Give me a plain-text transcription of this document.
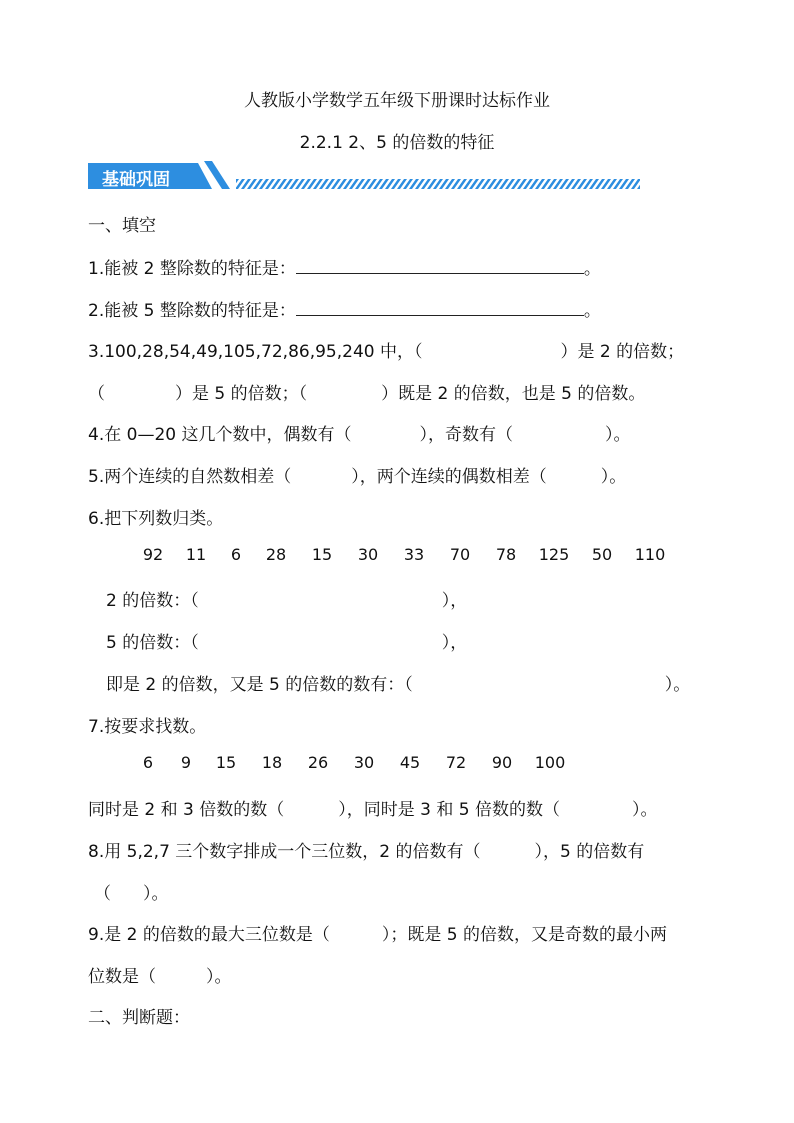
人教版小学数学五年级下册课时达标作业
2.2.1 2、5 的倍数的特征
基础巩固
一、填空
1.能被 2 整除数的特征是：	。
2.能被 5 整除数的特征是：	。
3.100,28,54,49,105,72,86,95,240 中，（	）是 2 的倍数；
（	）是 5 的倍数；（	）既是 2 的倍数，也是 5 的倍数。
4.在 0—20 这几个数中，偶数有（	），奇数有（	）。
5.两个连续的自然数相差（	），两个连续的偶数相差（	）。
6.把下列数归类。
92 11 6 28 15 30 33 70 78 125 50 110
2 的倍数：（	），
5 的倍数：（	），
即是 2 的倍数，又是 5 的倍数的数有：（	）。
7.按要求找数。
6 9 15 18 26 30 45 72 90 100
同时是 2 和 3 倍数的数（	），同时是 3 和 5 倍数的数（	）。
8.用 5,2,7 三个数字排成一个三位数，2 的倍数有（	），5 的倍数有
（ ）。
9.是 2 的倍数的最大三位数是（	）；既是 5 的倍数，又是奇数的最小两
位数是（	）。
二、判断题：
